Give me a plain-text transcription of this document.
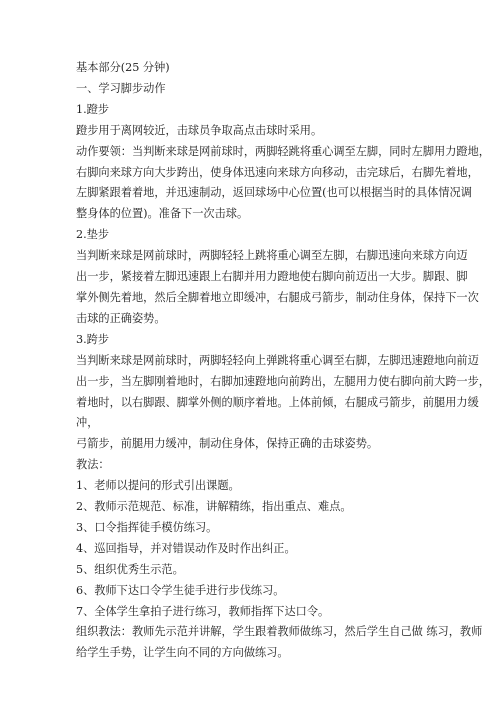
基本部分(25 分钟)
一、学习脚步动作
1.蹬步
蹬步用于离网较近，击球员争取高点击球时采用。
动作要领：当判断来球是网前球时，两脚轻跳将重心调至左脚，同时左脚用力蹬地，
右脚向来球方向大步跨出，使身体迅速向来球方向移动，击完球后，右脚先着地，
左脚紧跟着着地，并迅速制动，返回球场中心位置(也可以根据当时的具体情况调
整身体的位置)。准备下一次击球。
2.垫步
当判断来球是网前球时，两脚轻轻上跳将重心调至左脚，右脚迅速向来球方向迈
出一步，紧接着左脚迅速跟上右脚并用力蹬地使右脚向前迈出一大步。脚跟、脚
掌外侧先着地，然后全脚着地立即缓冲，右腿成弓箭步，制动住身体，保持下一次
击球的正确姿势。
3.跨步
当判断来球是网前球时，两脚轻轻向上弹跳将重心调至右脚，左脚迅速蹬地向前迈
出一步，当左脚刚着地时，右脚加速蹬地向前跨出，左腿用力使右脚向前大跨一步，
着地时，以右脚跟、脚掌外侧的顺序着地。上体前倾，右腿成弓箭步，前腿用力缓
冲，
弓箭步，前腿用力缓冲，制动住身体，保持正确的击球姿势。
教法：
1、老师以提问的形式引出课题。
2、教师示范规范、标准，讲解精练，指出重点、难点。
3、口令指挥徒手模仿练习。
4、巡回指导，并对错误动作及时作出纠正。
5、组织优秀生示范。
6、教师下达口令学生徒手进行步伐练习。
7、全体学生拿拍子进行练习，教师指挥下达口令。
组织教法：教师先示范并讲解，学生跟着教师做练习，然后学生自己做 练习，教师
给学生手势，让学生向不同的方向做练习。
